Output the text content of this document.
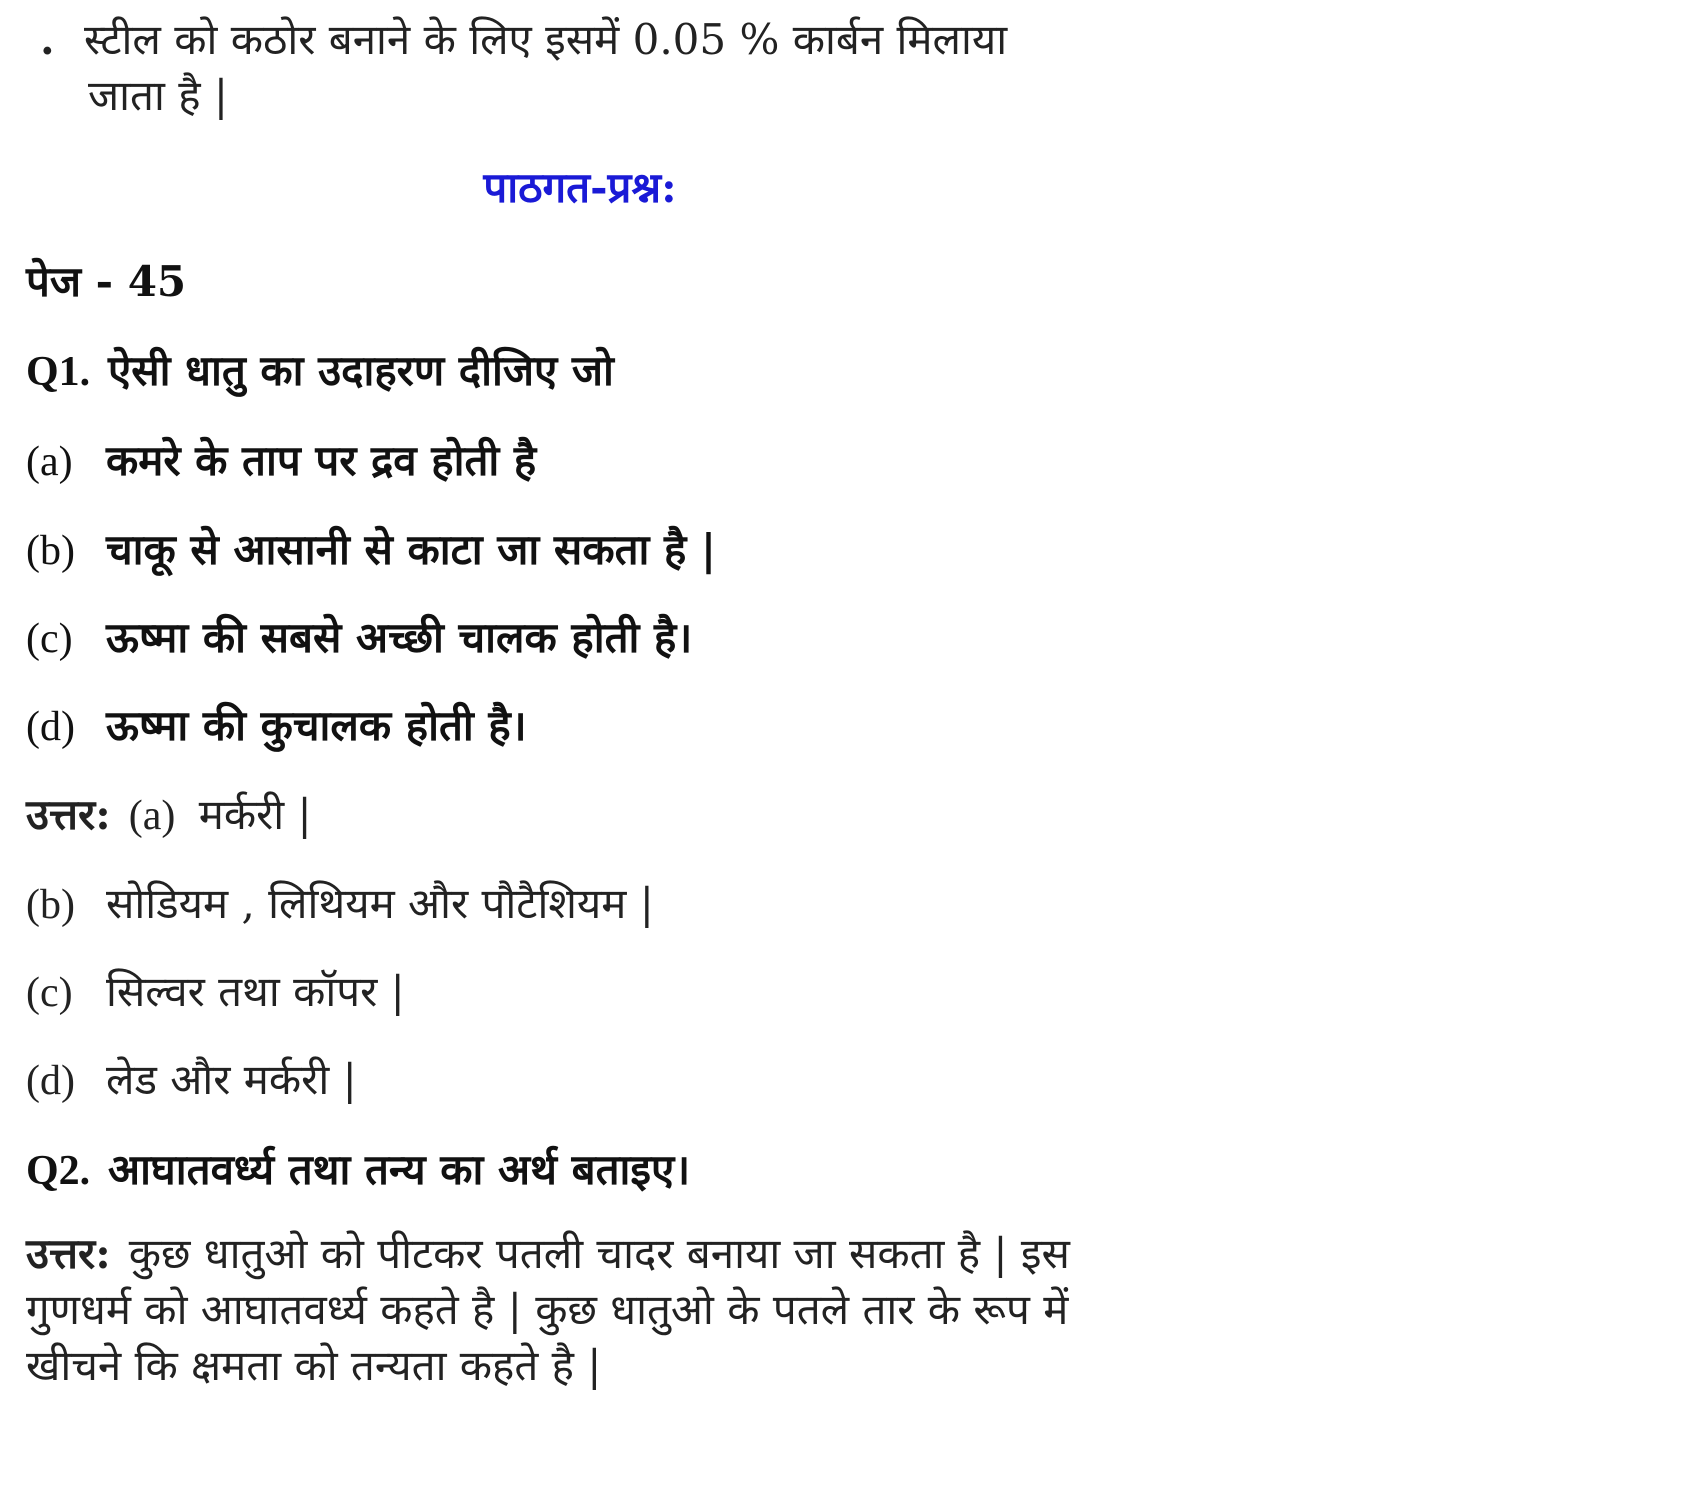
. स्टील को कठोर बनाने के लिए इसमें 0.05 % कार्बन मिलाया
जाता है |
पाठगत-प्रश्न:
पेज - 45
Q1. ऐसी धातु का उदाहरण दीजिए जो
(a) कमरे के ताप पर द्रव होती है
(b) चाकू से आसानी से काटा जा सकता है |
(c) ऊष्मा की सबसे अच्छी चालक होती है।
(d) ऊष्मा की कुचालक होती है।
उत्तर: (a) मर्करी |
(b) सोडियम , लिथियम और पौटैशियम |
(c) सिल्वर तथा कॉपर |
(d) लेड और मर्करी |
Q2. आघातवर्ध्य तथा तन्य का अर्थ बताइए।
उत्तर: कुछ धातुओ को पीटकर पतली चादर बनाया जा सकता है | इस गुणधर्म को आघातवर्ध्य कहते है | कुछ धातुओ के पतले तार के रूप में खीचने कि क्षमता को तन्यता कहते है |
